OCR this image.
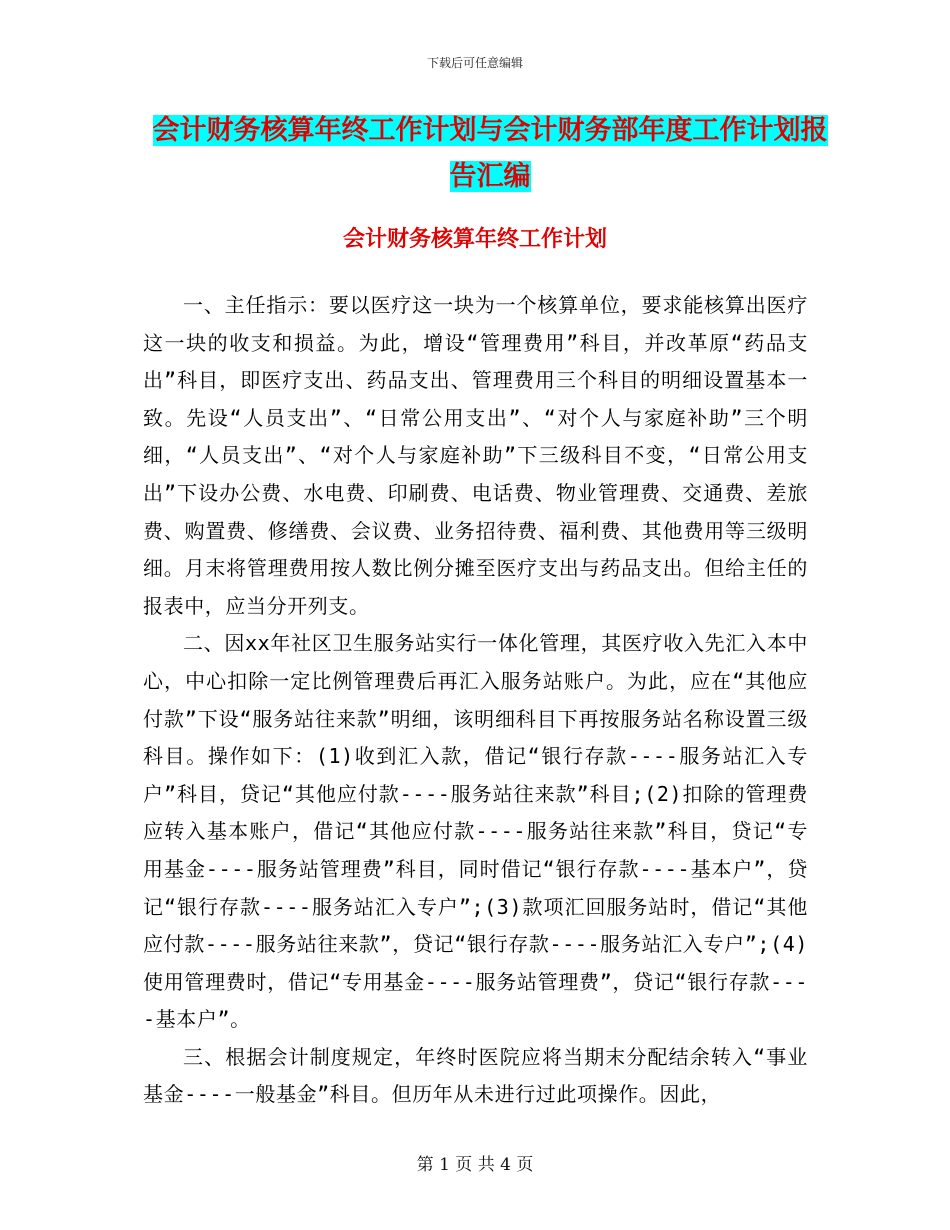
下载后可任意编辑
会计财务核算年终工作计划与会计财务部年度工作计划报告汇编
会计财务核算年终工作计划

一、主任指示：要以医疗这一块为一个核算单位，要求能核算出医疗这一块的收支和损益。为此，增设“管理费用”科目，并改革原“药品支出”科目，即医疗支出、药品支出、管理费用三个科目的明细设置基本一致。先设“人员支出”、“日常公用支出”、“对个人与家庭补助”三个明细，“人员支出”、“对个人与家庭补助”下三级科目不变，“日常公用支出”下设办公费、水电费、印刷费、电话费、物业管理费、交通费、差旅费、购置费、修缮费、会议费、业务招待费、福利费、其他费用等三级明细。月末将管理费用按人数比例分摊至医疗支出与药品支出。但给主任的报表中，应当分开列支。

二、因xx年社区卫生服务站实行一体化管理，其医疗收入先汇入本中心，中心扣除一定比例管理费后再汇入服务站账户。为此，应在“其他应付款”下设“服务站往来款”明细，该明细科目下再按服务站名称设置三级科目。操作如下：(1)收到汇入款，借记“银行存款----服务站汇入专户”科目，贷记“其他应付款----服务站往来款”科目;(2)扣除的管理费应转入基本账户，借记“其他应付款----服务站往来款”科目，贷记“专用基金----服务站管理费”科目，同时借记“银行存款----基本户”，贷记“银行存款----服务站汇入专户”;(3)款项汇回服务站时，借记“其他应付款----服务站往来款”，贷记“银行存款----服务站汇入专户”;(4)使用管理费时，借记“专用基金----服务站管理费”，贷记“银行存款----基本户”。

三、根据会计制度规定，年终时医院应将当期末分配结余转入“事业基金----一般基金”科目。但历年从未进行过此项操作。因此，

第 1 页 共 4 页
